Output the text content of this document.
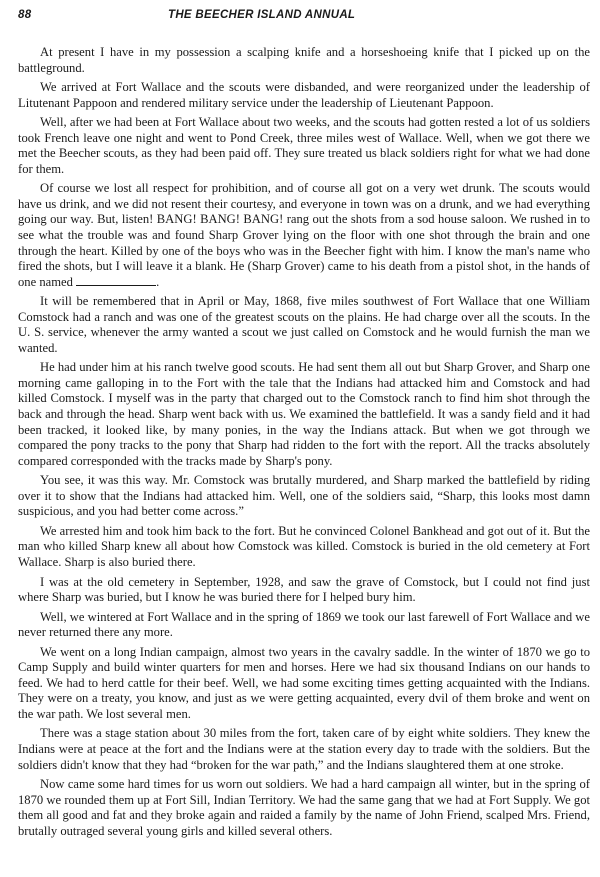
88	THE BEECHER ISLAND ANNUAL

At present I have in my possession a scalping knife and a horseshoeing knife that I picked up on the battleground.

We arrived at Fort Wallace and the scouts were disbanded, and were reorganized under the leadership of Litutenant Pappoon and rendered military service under the leadership of Lieutenant Pappoon.

Well, after we had been at Fort Wallace about two weeks, and the scouts had gotten rested a lot of us soldiers took French leave one night and went to Pond Creek, three miles west of Wallace. Well, when we got there we met the Beecher scouts, as they had been paid off. They sure treated us black soldiers right for what we had done for them.

Of course we lost all respect for prohibition, and of course all got on a very wet drunk. The scouts would have us drink, and we did not resent their courtesy, and everyone in town was on a drunk, and we had everything going our way. But, listen! BANG! BANG! BANG! rang out the shots from a sod house saloon. We rushed in to see what the trouble was and found Sharp Grover lying on the floor with one shot through the brain and one through the heart. Killed by one of the boys who was in the Beecher fight with him. I know the man's name who fired the shots, but I will leave it a blank. He (Sharp Grover) came to his death from a pistol shot, in the hands of one named	.

It will be remembered that in April or May, 1868, five miles southwest of Fort Wallace that one William Comstock had a ranch and was one of the greatest scouts on the plains. He had charge over all the scouts. In the U. S. service, whenever the army wanted a scout we just called on Comstock and he would furnish the man we wanted.

He had under him at his ranch twelve good scouts. He had sent them all out but Sharp Grover, and Sharp one morning came galloping in to the Fort with the tale that the Indians had attacked him and Comstock and had killed Comstock. I myself was in the party that charged out to the Comstock ranch to find him shot through the back and through the head. Sharp went back with us. We examined the battlefield. It was a sandy field and it had been tracked, it looked like, by many ponies, in the way the Indians attack. But when we got through we compared the pony tracks to the pony that Sharp had ridden to the fort with the report. All the tracks absolutely compared corresponded with the tracks made by Sharp's pony.

You see, it was this way. Mr. Comstock was brutally murdered, and Sharp marked the battlefield by riding over it to show that the Indians had attacked him. Well, one of the soldiers said, “Sharp, this looks most damn suspicious, and you had better come across.”

We arrested him and took him back to the fort. But he convinced Colonel Bankhead and got out of it. But the man who killed Sharp knew all about how Comstock was killed. Comstock is buried in the old cemetery at Fort Wallace. Sharp is also buried there.

I was at the old cemetery in September, 1928, and saw the grave of Comstock, but I could not find just where Sharp was buried, but I know he was buried there for I helped bury him.

Well, we wintered at Fort Wallace and in the spring of 1869 we took our last farewell of Fort Wallace and we never returned there any more.

We went on a long Indian campaign, almost two years in the cavalry saddle. In the winter of 1870 we go to Camp Supply and build winter quarters for men and horses. Here we had six thousand Indians on our hands to feed. We had to herd cattle for their beef. Well, we had some exciting times getting acquainted with the Indians. They were on a treaty, you know, and just as we were getting acquainted, every dvil of them broke and went on the war path. We lost several men.

There was a stage station about 30 miles from the fort, taken care of by eight white soldiers. They knew the Indians were at peace at the fort and the Indians were at the station every day to trade with the soldiers. But the soldiers didn't know that they had “broken for the war path,” and the Indians slaughtered them at one stroke.

Now came some hard times for us worn out soldiers. We had a hard campaign all winter, but in the spring of 1870 we rounded them up at Fort Sill, Indian Territory. We had the same gang that we had at Fort Supply. We got them all good and fat and they broke again and raided a family by the name of John Friend, scalped Mrs. Friend, brutally outraged several young girls and killed several others.
